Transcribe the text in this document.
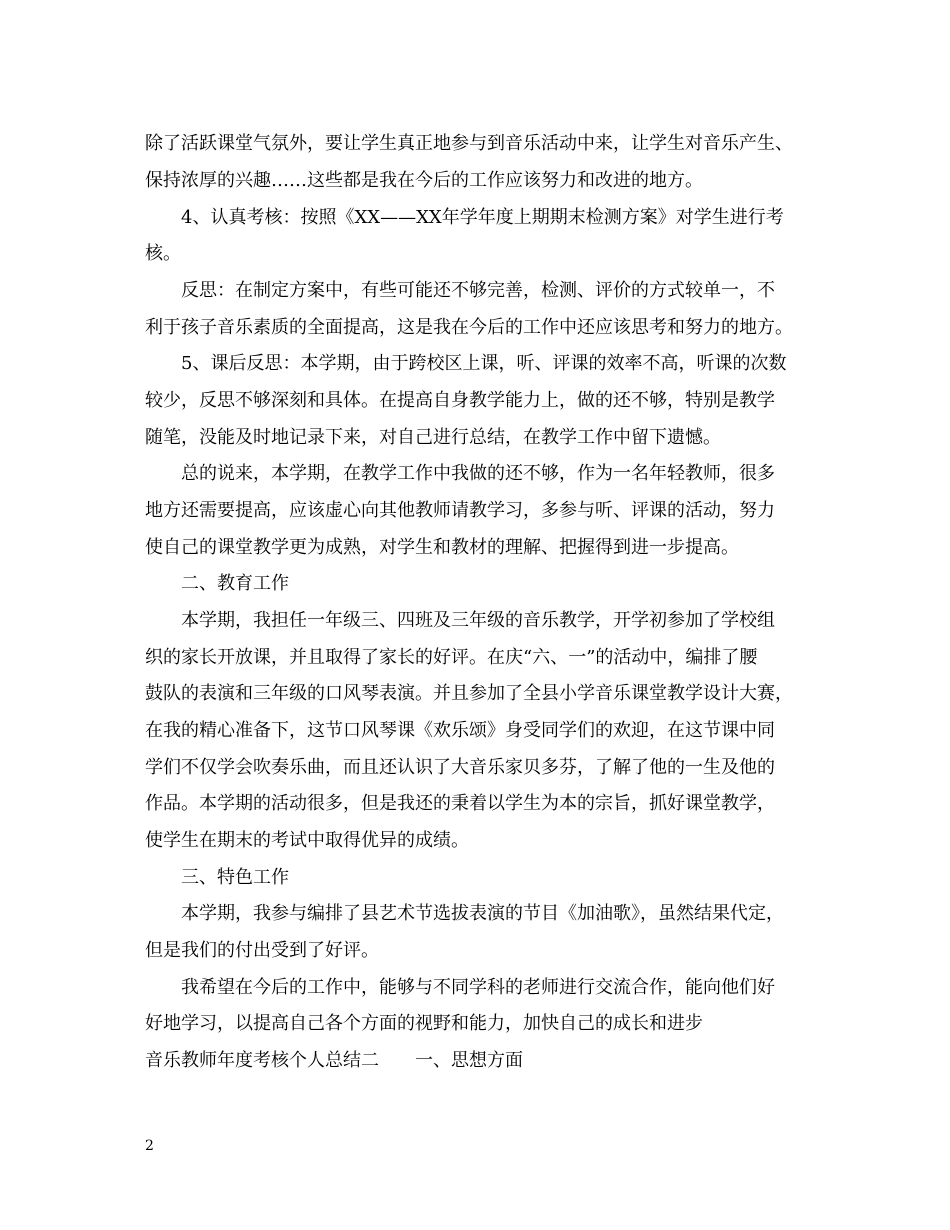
除了活跃课堂气氛外，要让学生真正地参与到音乐活动中来，让学生对音乐产生、
保持浓厚的兴趣……这些都是我在今后的工作应该努力和改进的地方。
4、认真考核：按照《XX——XX年学年度上期期末检测方案》对学生进行考
核。
反思：在制定方案中，有些可能还不够完善，检测、评价的方式较单一，不
利于孩子音乐素质的全面提高，这是我在今后的工作中还应该思考和努力的地方。
5、课后反思：本学期，由于跨校区上课，听、评课的效率不高，听课的次数
较少，反思不够深刻和具体。在提高自身教学能力上，做的还不够，特别是教学
随笔，没能及时地记录下来，对自己进行总结，在教学工作中留下遗憾。
总的说来，本学期，在教学工作中我做的还不够，作为一名年轻教师，很多
地方还需要提高，应该虚心向其他教师请教学习，多参与听、评课的活动，努力
使自己的课堂教学更为成熟，对学生和教材的理解、把握得到进一步提高。
二、教育工作
本学期，我担任一年级三、四班及三年级的音乐教学，开学初参加了学校组
织的家长开放课，并且取得了家长的好评。在庆“六、一”的活动中，编排了腰
鼓队的表演和三年级的口风琴表演。并且参加了全县小学音乐课堂教学设计大赛，
在我的精心准备下，这节口风琴课《欢乐颂》身受同学们的欢迎，在这节课中同
学们不仅学会吹奏乐曲，而且还认识了大音乐家贝多芬，了解了他的一生及他的
作品。本学期的活动很多，但是我还的秉着以学生为本的宗旨，抓好课堂教学，
使学生在期末的考试中取得优异的成绩。
三、特色工作
本学期，我参与编排了县艺术节选拔表演的节目《加油歌》，虽然结果代定，
但是我们的付出受到了好评。
我希望在今后的工作中，能够与不同学科的老师进行交流合作，能向他们好
好地学习，以提高自己各个方面的视野和能力，加快自己的成长和进步
音乐教师年度考核个人总结二　　一、思想方面
2
